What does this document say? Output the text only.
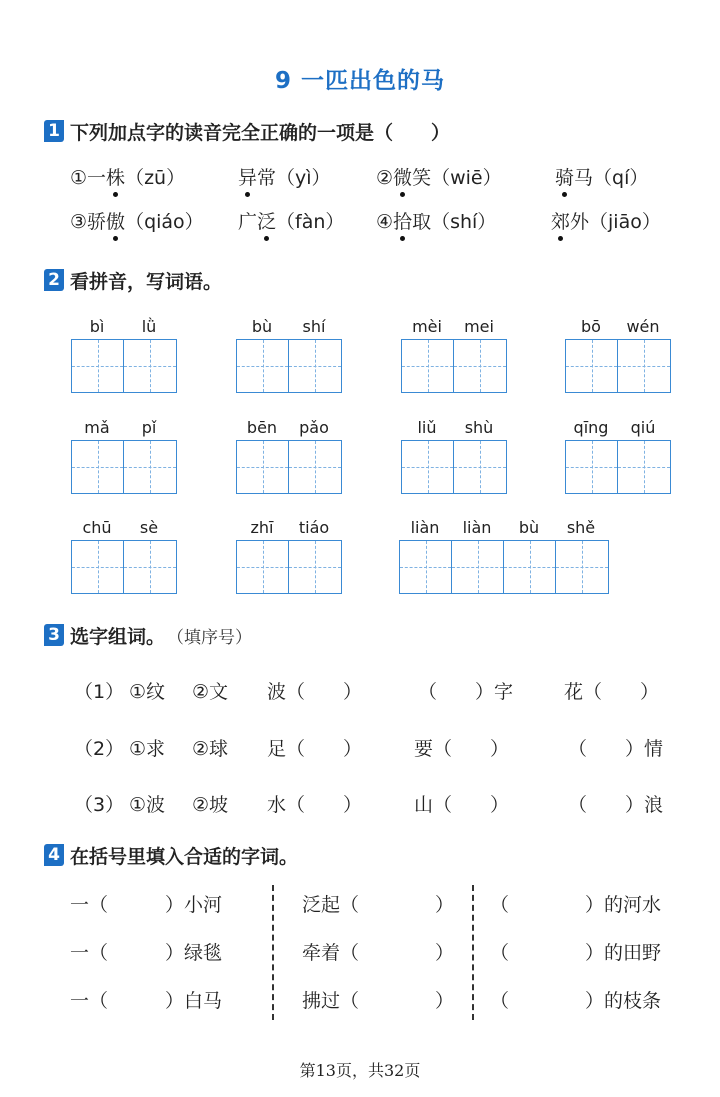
9 一匹出色的马
1 下列加点字的读音完全正确的一项是（　　）
①一株（zū）	异常（yì） ②微笑（wiē）	骑马（qí）
③骄傲（qiáo） 广泛（fàn） ④拾取（shí）	郊外（jiāo）
2 看拼音，写词语。
bì	lǜ	bù	shí	mèi	mei	bō	wén
mǎ	pǐ	bēn	pǎo	liǔ	shù	qīng	qiú
chū	sè	zhī	tiáo	liàn	liàn	bù	shě
3 选字组词。 （填序号）
（1） ①纹 ②文 波（　　）	（　　）字	花（　　）
（2） ①求 ②球 足（　　）	要（　　）	（　　）情
（3） ①波 ②坡 水（　　）	山（　　）	（　　）浪
4 在括号里填入合适的字词。
一（　　　）小河	泛起（　　　　） （　　　　）的河水
一（　　　）绿毯	牵着（　　　　） （　　　　）的田野
一（　　　）白马	拂过（　　　　） （　　　　）的枝条
第13页，共32页
